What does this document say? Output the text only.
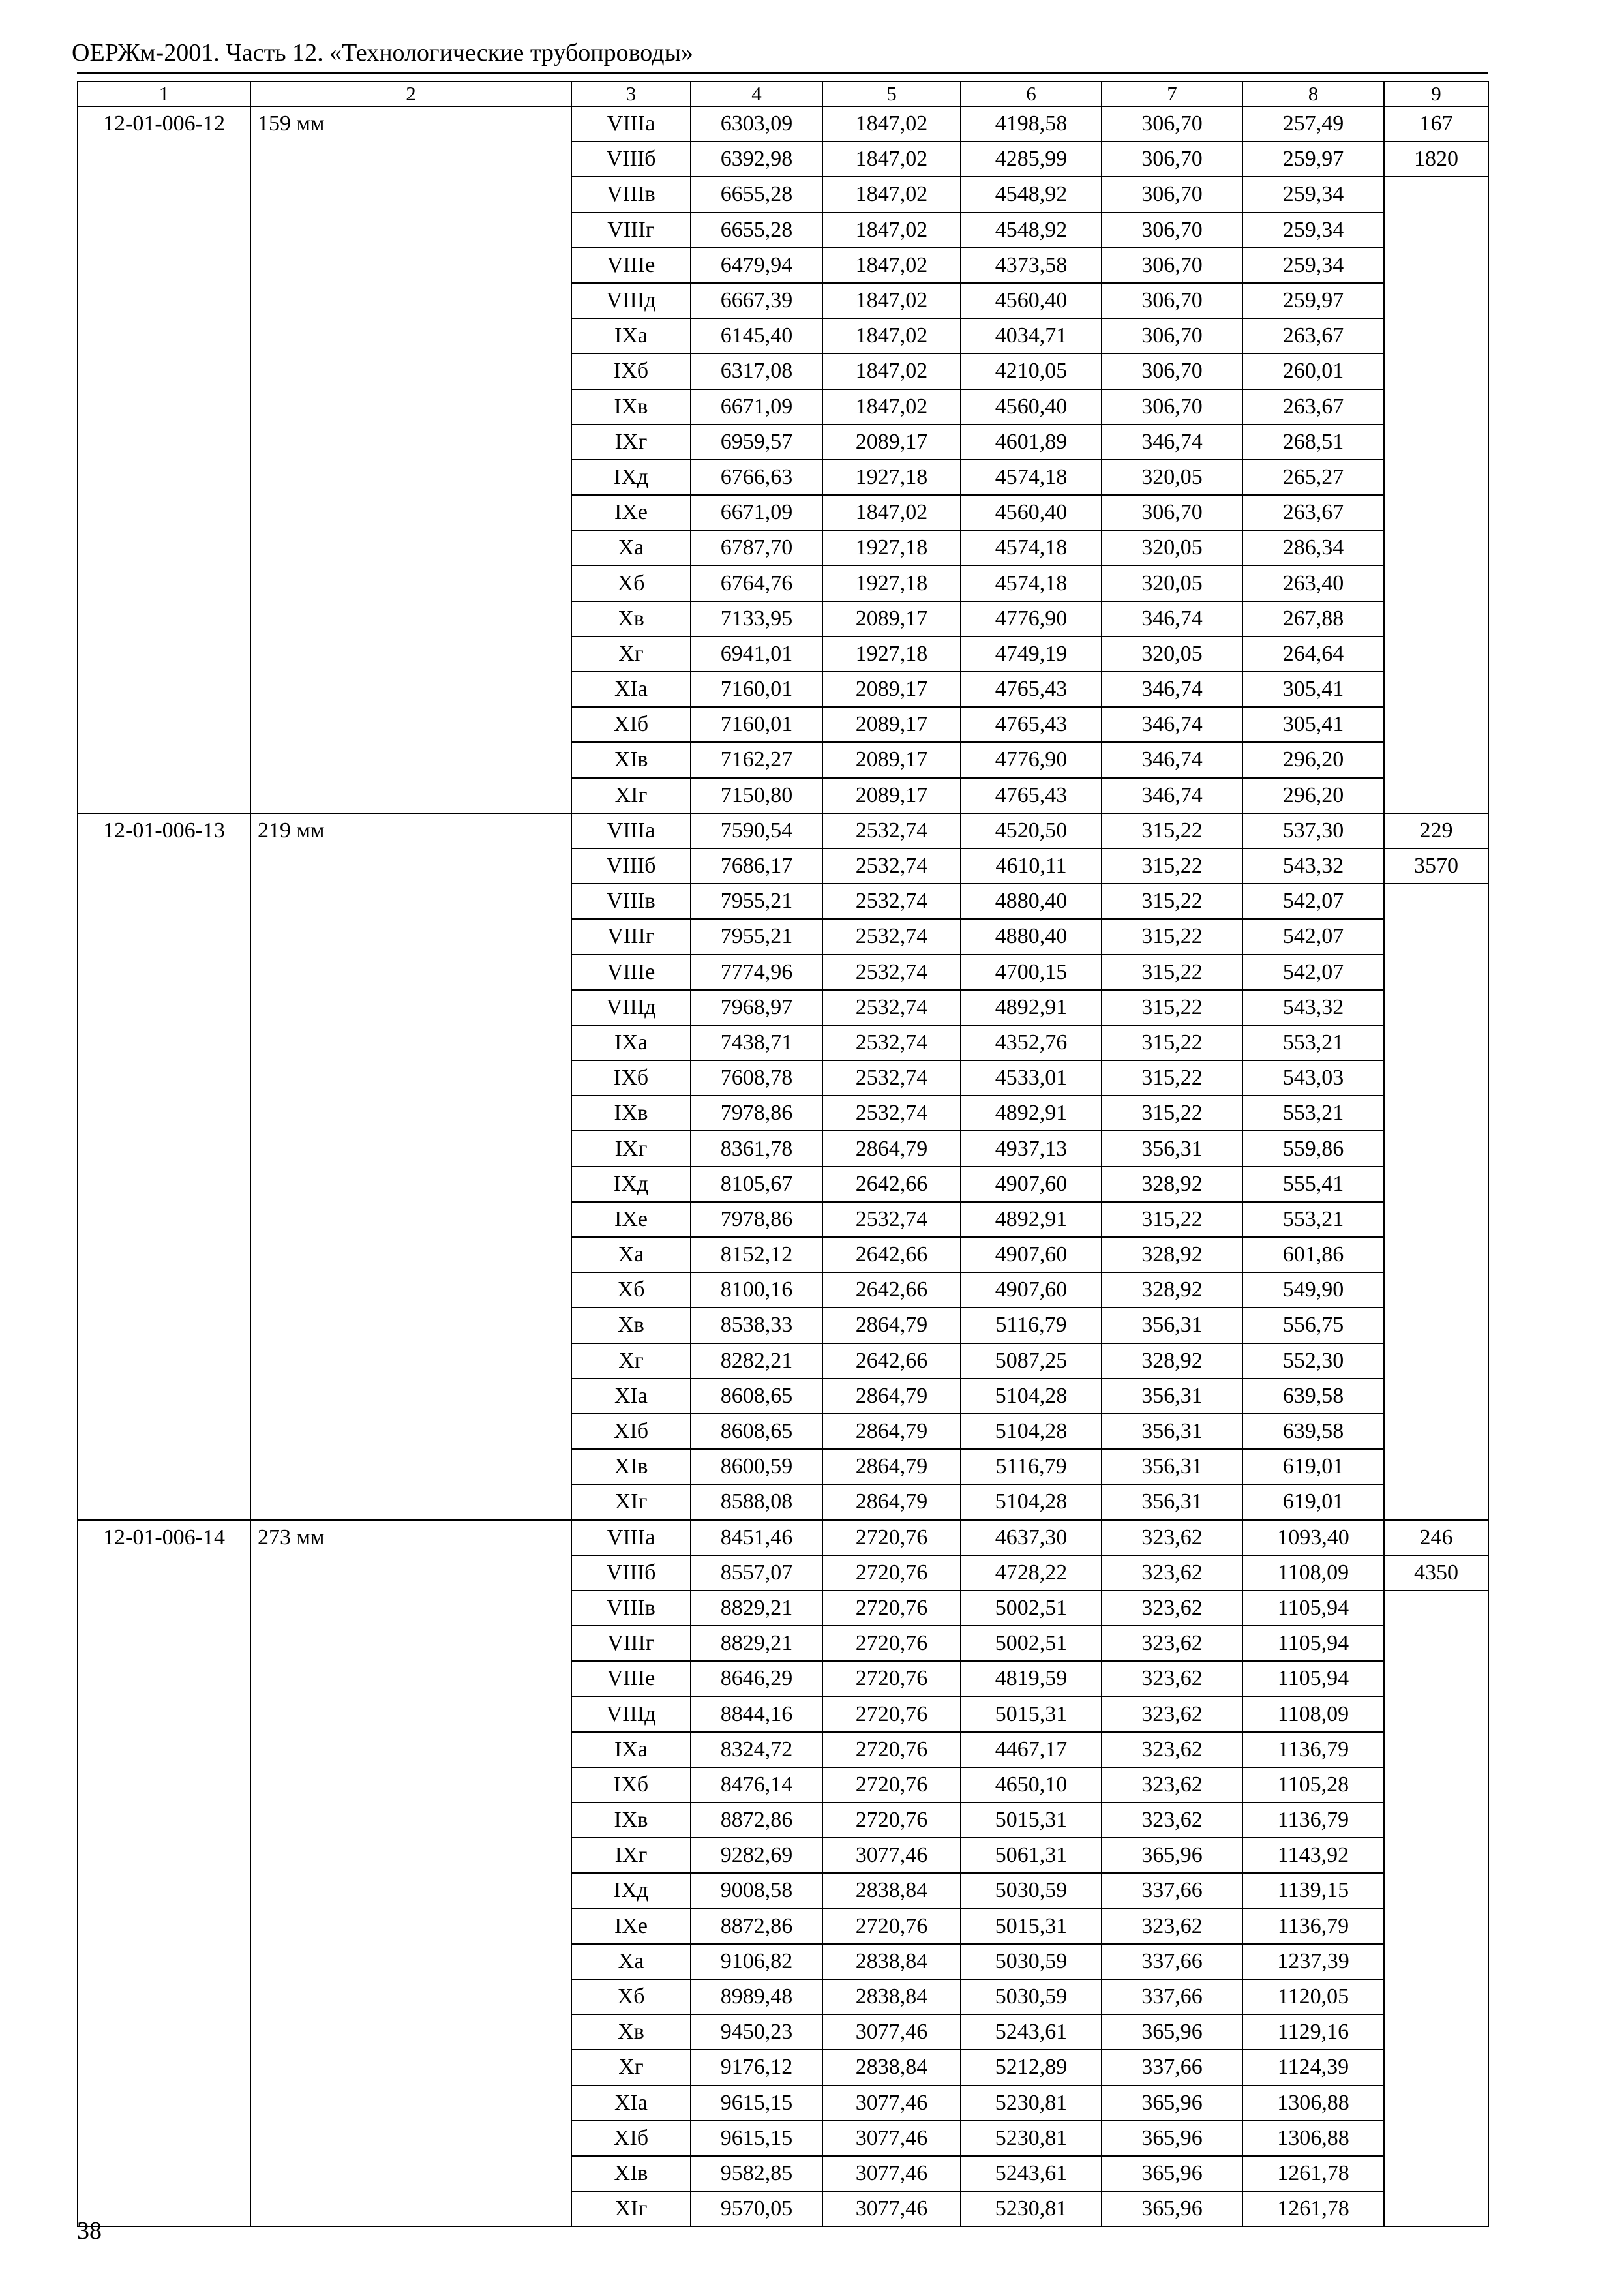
ОЕРЖм-2001. Часть 12. «Технологические трубопроводы»
1	2	3	4	5	6	7	8	9
12-01-006-12	159 мм	VIIIа	6303,09	1847,02	4198,58	306,70	257,49	167
		VIIIб	6392,98	1847,02	4285,99	306,70	259,97	1820
		VIIIв	6655,28	1847,02	4548,92	306,70	259,34	
		VIIIг	6655,28	1847,02	4548,92	306,70	259,34	
		VIIIе	6479,94	1847,02	4373,58	306,70	259,34	
		VIIIд	6667,39	1847,02	4560,40	306,70	259,97	
		IХа	6145,40	1847,02	4034,71	306,70	263,67	
		IХб	6317,08	1847,02	4210,05	306,70	260,01	
		IХв	6671,09	1847,02	4560,40	306,70	263,67	
		IХг	6959,57	2089,17	4601,89	346,74	268,51	
		IХд	6766,63	1927,18	4574,18	320,05	265,27	
		IХе	6671,09	1847,02	4560,40	306,70	263,67	
		Ха	6787,70	1927,18	4574,18	320,05	286,34	
		Хб	6764,76	1927,18	4574,18	320,05	263,40	
		Хв	7133,95	2089,17	4776,90	346,74	267,88	
		Хг	6941,01	1927,18	4749,19	320,05	264,64	
		ХIа	7160,01	2089,17	4765,43	346,74	305,41	
		ХIб	7160,01	2089,17	4765,43	346,74	305,41	
		ХIв	7162,27	2089,17	4776,90	346,74	296,20	
		ХIг	7150,80	2089,17	4765,43	346,74	296,20	
12-01-006-13	219 мм	VIIIа	7590,54	2532,74	4520,50	315,22	537,30	229
		VIIIб	7686,17	2532,74	4610,11	315,22	543,32	3570
		VIIIв	7955,21	2532,74	4880,40	315,22	542,07	
		VIIIг	7955,21	2532,74	4880,40	315,22	542,07	
		VIIIе	7774,96	2532,74	4700,15	315,22	542,07	
		VIIIд	7968,97	2532,74	4892,91	315,22	543,32	
		IХа	7438,71	2532,74	4352,76	315,22	553,21	
		IХб	7608,78	2532,74	4533,01	315,22	543,03	
		IХв	7978,86	2532,74	4892,91	315,22	553,21	
		IХг	8361,78	2864,79	4937,13	356,31	559,86	
		IХд	8105,67	2642,66	4907,60	328,92	555,41	
		IХе	7978,86	2532,74	4892,91	315,22	553,21	
		Ха	8152,12	2642,66	4907,60	328,92	601,86	
		Хб	8100,16	2642,66	4907,60	328,92	549,90	
		Хв	8538,33	2864,79	5116,79	356,31	556,75	
		Хг	8282,21	2642,66	5087,25	328,92	552,30	
		ХIа	8608,65	2864,79	5104,28	356,31	639,58	
		ХIб	8608,65	2864,79	5104,28	356,31	639,58	
		ХIв	8600,59	2864,79	5116,79	356,31	619,01	
		ХIг	8588,08	2864,79	5104,28	356,31	619,01	
12-01-006-14	273 мм	VIIIа	8451,46	2720,76	4637,30	323,62	1093,40	246
		VIIIб	8557,07	2720,76	4728,22	323,62	1108,09	4350
		VIIIв	8829,21	2720,76	5002,51	323,62	1105,94	
		VIIIг	8829,21	2720,76	5002,51	323,62	1105,94	
		VIIIе	8646,29	2720,76	4819,59	323,62	1105,94	
		VIIIд	8844,16	2720,76	5015,31	323,62	1108,09	
		IХа	8324,72	2720,76	4467,17	323,62	1136,79	
		IХб	8476,14	2720,76	4650,10	323,62	1105,28	
		IХв	8872,86	2720,76	5015,31	323,62	1136,79	
		IХг	9282,69	3077,46	5061,31	365,96	1143,92	
		IХд	9008,58	2838,84	5030,59	337,66	1139,15	
		IХе	8872,86	2720,76	5015,31	323,62	1136,79	
		Ха	9106,82	2838,84	5030,59	337,66	1237,39	
		Хб	8989,48	2838,84	5030,59	337,66	1120,05	
		Хв	9450,23	3077,46	5243,61	365,96	1129,16	
		Хг	9176,12	2838,84	5212,89	337,66	1124,39	
		ХIа	9615,15	3077,46	5230,81	365,96	1306,88	
		ХIб	9615,15	3077,46	5230,81	365,96	1306,88	
		ХIв	9582,85	3077,46	5243,61	365,96	1261,78	
		ХIг	9570,05	3077,46	5230,81	365,96	1261,78	
38
